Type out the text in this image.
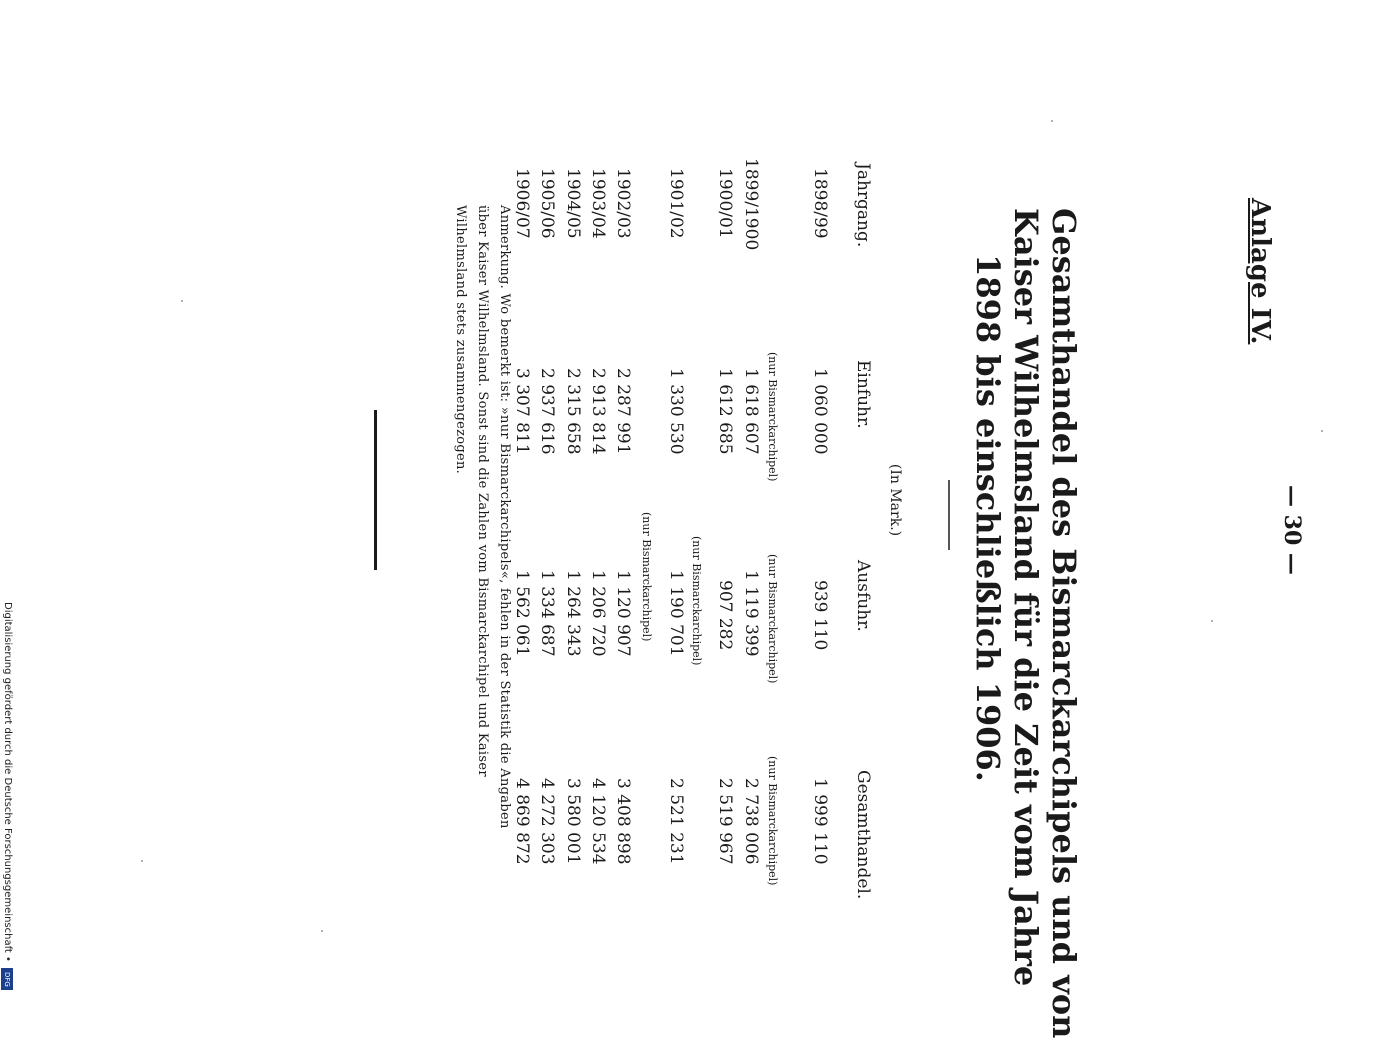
Anlage IV.
— 30 —
Gesamthandel des Bismarckarchipels und von
Kaiser Wilhelmsland für die Zeit vom Jahre
1898 bis einschließlich 1906.
(In Mark.)
Jahrgang.
Einfuhr.
Ausfuhr.
Gesamthandel.
1898/99
1 060 000
939 110
1 999 110
(nur Bismarckarchipel)
(nur Bismarckarchipel)
(nur Bismarckarchipel)
1899/1900
1 618 607
1 119 399
2 738 006
1900/01
1 612 685
907 282
2 519 967
(nur Bismarckarchipel)
1901/02
1 330 530
1 190 701
2 521 231
(nur Bismarckarchipel)
1902/03
2 287 991
1 120 907
3 408 898
1903/04
2 913 814
1 206 720
4 120 534
1904/05
2 315 658
1 264 343
3 580 001
1905/06
2 937 616
1 334 687
4 272 303
1906/07
3 307 811
1 562 061
4 869 872
Anmerkung. Wo bemerkt ist: »nur Bismarckarchipels«, fehlen in der Statistik die Angaben über Kaiser Wilhelmsland. Sonst sind die Zahlen vom Bismarckarchipel und Kaiser Wilhelmsland stets zusammengezogen.
Digitalisierung gefördert durch die Deutsche Forschungsgemeinschaft •
DFG
